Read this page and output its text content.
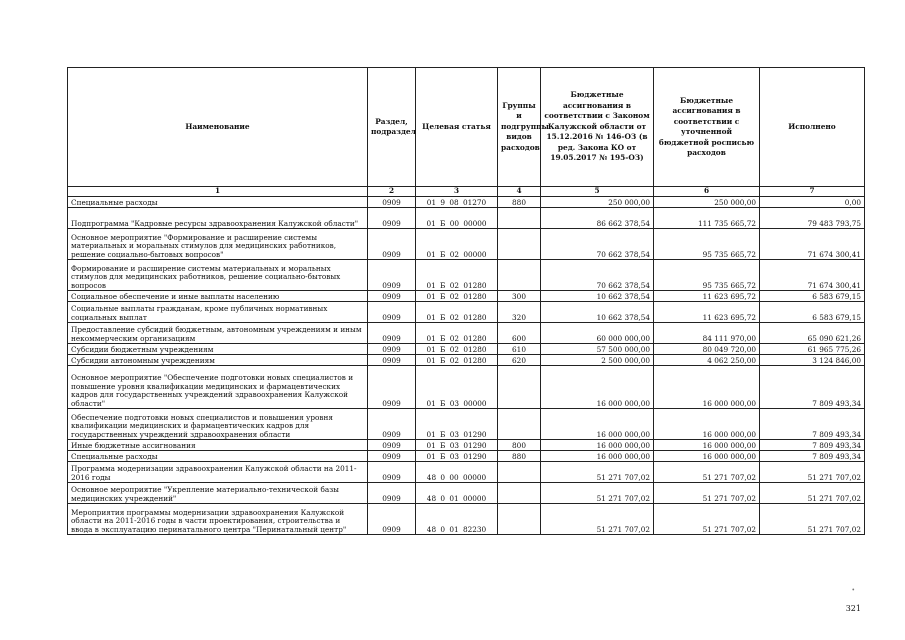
Наименование	Раздел, подраздел	Целевая статья	Группы и подгруппы видов расходов	Бюджетные ассигнования в соответствии с Законом Калужской области от 15.12.2016 № 146-ОЗ (в ред. Закона КО от 19.05.2017 № 195-ОЗ)	Бюджетные ассигнования в соответствии с уточненной бюджетной росписью расходов	Исполнено
1	2	3	4	5	6	7
Специальные расходы	0909	01 9 08 01270	880	250 000,00	250 000,00	0,00
Подпрограмма "Кадровые ресурсы здравоохранения Калужской области"	0909	01 Б 00 00000		86 662 378,54	111 735 665,72	79 483 793,75
Основное мероприятие "Формирование и расширение системы материальных и моральных стимулов для медицинских работников, решение социально-бытовых вопросов"	0909	01 Б 02 00000		70 662 378,54	95 735 665,72	71 674 300,41
Формирование и расширение системы материальных и моральных стимулов для медицинских работников, решение социально-бытовых вопросов	0909	01 Б 02 01280		70 662 378,54	95 735 665,72	71 674 300,41
Социальное обеспечение и иные выплаты населению	0909	01 Б 02 01280	300	10 662 378,54	11 623 695,72	6 583 679,15
Социальные выплаты гражданам, кроме публичных нормативных социальных выплат	0909	01 Б 02 01280	320	10 662 378,54	11 623 695,72	6 583 679,15
Предоставление субсидий бюджетным, автономным учреждениям и иным некоммерческим организациям	0909	01 Б 02 01280	600	60 000 000,00	84 111 970,00	65 090 621,26
Субсидии бюджетным учреждениям	0909	01 Б 02 01280	610	57 500 000,00	80 049 720,00	61 965 775,26
Субсидии автономным учреждениям	0909	01 Б 02 01280	620	2 500 000,00	4 062 250,00	3 124 846,00
Основное мероприятие "Обеспечение подготовки новых специалистов и повышение уровня квалификации медицинских и фармацевтических кадров для государственных учреждений здравоохранения Калужской области"	0909	01 Б 03 00000		16 000 000,00	16 000 000,00	7 809 493,34
Обеспечение подготовки новых специалистов и повышения уровня квалификации медицинских и фармацевтических кадров для государственных учреждений здравоохранения области	0909	01 Б 03 01290		16 000 000,00	16 000 000,00	7 809 493,34
Иные бюджетные ассигнования	0909	01 Б 03 01290	800	16 000 000,00	16 000 000,00	7 809 493,34
Специальные расходы	0909	01 Б 03 01290	880	16 000 000,00	16 000 000,00	7 809 493,34
Программа модернизации здравоохранения Калужской области на 2011-2016 годы	0909	48 0 00 00000		51 271 707,02	51 271 707,02	51 271 707,02
Основное мероприятие "Укрепление материально-технической базы медицинских учреждений"	0909	48 0 01 00000		51 271 707,02	51 271 707,02	51 271 707,02
Мероприятия программы модернизации здравоохранения Калужской области на 2011-2016 годы в части проектирования, строительства и ввода в эксплуатацию перинатального центра "Перинатальный центр"	0909	48 0 01 82230		51 271 707,02	51 271 707,02	51 271 707,02
•
321
